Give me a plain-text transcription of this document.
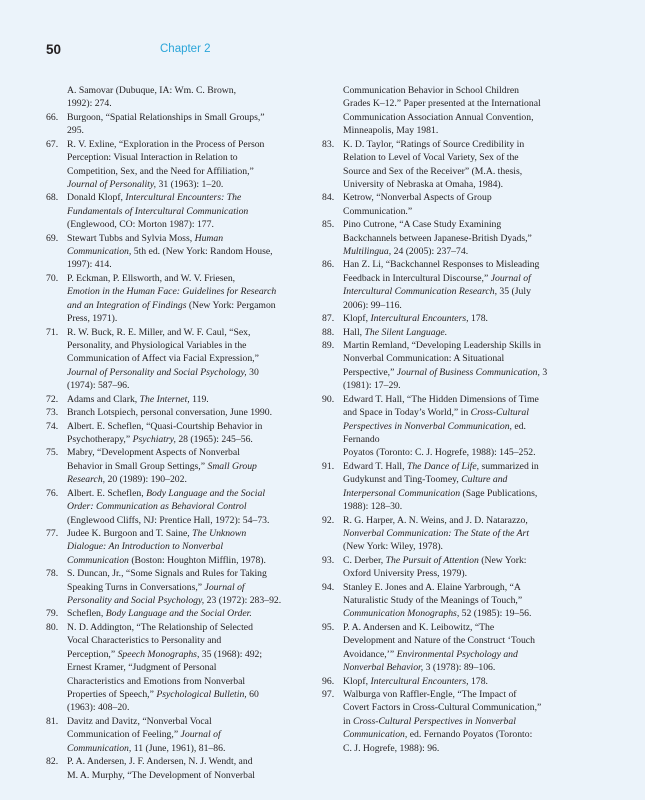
50	Chapter 2
A. Samovar (Dubuque, IA: Wm. C. Brown,
1992): 274.
66. Burgoon, “Spatial Relationships in Small Groups,” 295.
67. R. V. Exline, “Exploration in the Process of Person
Perception: Visual Interaction in Relation to
Competition, Sex, and the Need for Affiliation,”
Journal of Personality, 31 (1963): 1–20.
68. Donald Klopf, Intercultural Encounters: The
Fundamentals of Intercultural Communication
(Englewood, CO: Morton 1987): 177.
69. Stewart Tubbs and Sylvia Moss, Human
Communication, 5th ed. (New York: Random House,
1997): 414.
70. P. Eckman, P. Ellsworth, and W. V. Friesen,
Emotion in the Human Face: Guidelines for Research
and an Integration of Findings (New York: Pergamon
Press, 1971).
71. R. W. Buck, R. E. Miller, and W. F. Caul, “Sex,
Personality, and Physiological Variables in the
Communication of Affect via Facial Expression,”
Journal of Personality and Social Psychology, 30
(1974): 587–96.
72. Adams and Clark, The Internet, 119.
73. Branch Lotspiech, personal conversation, June 1990.
74. Albert. E. Scheflen, “Quasi-Courtship Behavior in
Psychotherapy,” Psychiatry, 28 (1965): 245–56.
75. Mabry, “Development Aspects of Nonverbal
Behavior in Small Group Settings,” Small Group
Research, 20 (1989): 190–202.
76. Albert. E. Scheflen, Body Language and the Social
Order: Communication as Behavioral Control
(Englewood Cliffs, NJ: Prentice Hall, 1972): 54–73.
77. Judee K. Burgoon and T. Saine, The Unknown
Dialogue: An Introduction to Nonverbal
Communication (Boston: Houghton Mifflin, 1978).
78. S. Duncan, Jr., “Some Signals and Rules for Taking
Speaking Turns in Conversations,” Journal of
Personality and Social Psychology, 23 (1972): 283–92.
79. Scheflen, Body Language and the Social Order.
80. N. D. Addington, “The Relationship of Selected
Vocal Characteristics to Personality and
Perception,” Speech Monographs, 35 (1968): 492;
Ernest Kramer, “Judgment of Personal
Characteristics and Emotions from Nonverbal
Properties of Speech,” Psychological Bulletin, 60
(1963): 408–20.
81. Davitz and Davitz, “Nonverbal Vocal
Communication of Feeling,” Journal of
Communication, 11 (June, 1961), 81–86.
82. P. A. Andersen, J. F. Andersen, N. J. Wendt, and
M. A. Murphy, “The Development of Nonverbal
Communication Behavior in School Children
Grades K–12.” Paper presented at the International
Communication Association Annual Convention,
Minneapolis, May 1981.
83. K. D. Taylor, “Ratings of Source Credibility in
Relation to Level of Vocal Variety, Sex of the
Source and Sex of the Receiver” (M.A. thesis,
University of Nebraska at Omaha, 1984).
84. Ketrow, “Nonverbal Aspects of Group
Communication.”
85. Pino Cutrone, “A Case Study Examining
Backchannels between Japanese-British Dyads,”
Multilingua, 24 (2005): 237–74.
86. Han Z. Li, “Backchannel Responses to Misleading
Feedback in Intercultural Discourse,” Journal of
Intercultural Communication Research, 35 (July
2006): 99–116.
87. Klopf, Intercultural Encounters, 178.
88. Hall, The Silent Language.
89. Martin Remland, “Developing Leadership Skills in
Nonverbal Communication: A Situational
Perspective,” Journal of Business Communication, 3
(1981): 17–29.
90. Edward T. Hall, “The Hidden Dimensions of Time
and Space in Today’s World,” in Cross-Cultural
Perspectives in Nonverbal Communication, ed. Fernando
Poyatos (Toronto: C. J. Hogrefe, 1988): 145–252.
91. Edward T. Hall, The Dance of Life, summarized in
Gudykunst and Ting-Toomey, Culture and
Interpersonal Communication (Sage Publications,
1988): 128–30.
92. R. G. Harper, A. N. Weins, and J. D. Natarazzo,
Nonverbal Communication: The State of the Art
(New York: Wiley, 1978).
93. C. Derber, The Pursuit of Attention (New York:
Oxford University Press, 1979).
94. Stanley E. Jones and A. Elaine Yarbrough, “A
Naturalistic Study of the Meanings of Touch,”
Communication Monographs, 52 (1985): 19–56.
95. P. A. Andersen and K. Leibowitz, “The
Development and Nature of the Construct ‘Touch
Avoidance,’” Environmental Psychology and
Nonverbal Behavior, 3 (1978): 89–106.
96. Klopf, Intercultural Encounters, 178.
97. Walburga von Raffler-Engle, “The Impact of
Covert Factors in Cross-Cultural Communication,”
in Cross-Cultural Perspectives in Nonverbal
Communication, ed. Fernando Poyatos (Toronto:
C. J. Hogrefe, 1988): 96.
